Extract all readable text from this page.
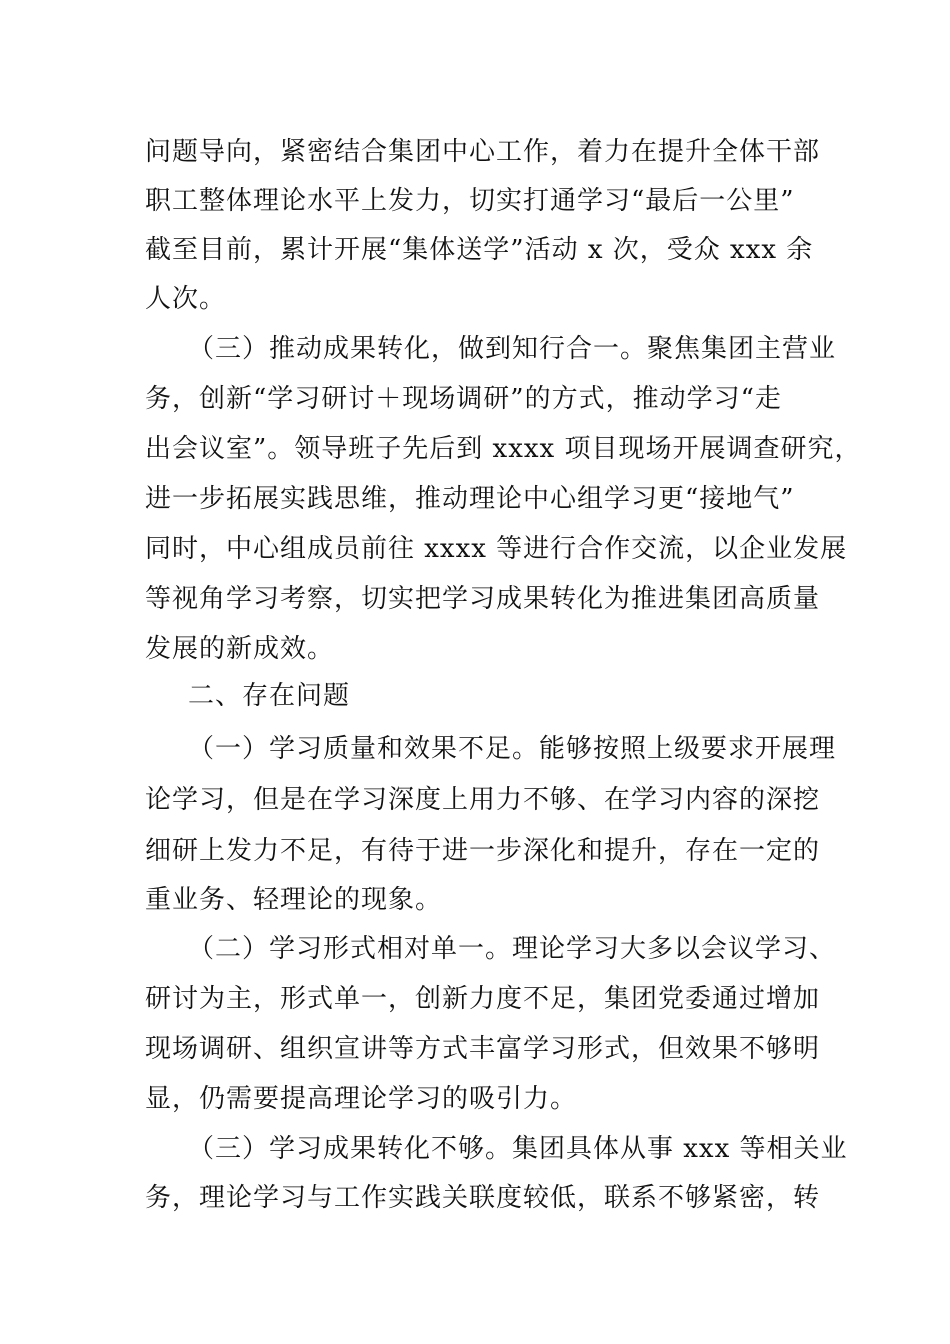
问题导向，紧密结合集团中心工作，着力在提升全体干部
职工整体理论水平上发力，切实打通学习“最后一公里”
截至目前，累计开展“集体送学”活动 x 次，受众 xxx 余
人次。
（三）推动成果转化，做到知行合一。聚焦集团主营业
务，创新“学习研讨＋现场调研”的方式，推动学习“走
出会议室”。领导班子先后到 xxxx 项目现场开展调查研究，
进一步拓展实践思维，推动理论中心组学习更“接地气”
同时，中心组成员前往 xxxx 等进行合作交流，以企业发展
等视角学习考察，切实把学习成果转化为推进集团高质量
发展的新成效。
二、存在问题
（一）学习质量和效果不足。能够按照上级要求开展理
论学习，但是在学习深度上用力不够、在学习内容的深挖
细研上发力不足，有待于进一步深化和提升，存在一定的
重业务、轻理论的现象。
（二）学习形式相对单一。理论学习大多以会议学习、
研讨为主，形式单一，创新力度不足，集团党委通过增加
现场调研、组织宣讲等方式丰富学习形式，但效果不够明
显，仍需要提高理论学习的吸引力。
（三）学习成果转化不够。集团具体从事 xxx 等相关业
务，理论学习与工作实践关联度较低，联系不够紧密，转
